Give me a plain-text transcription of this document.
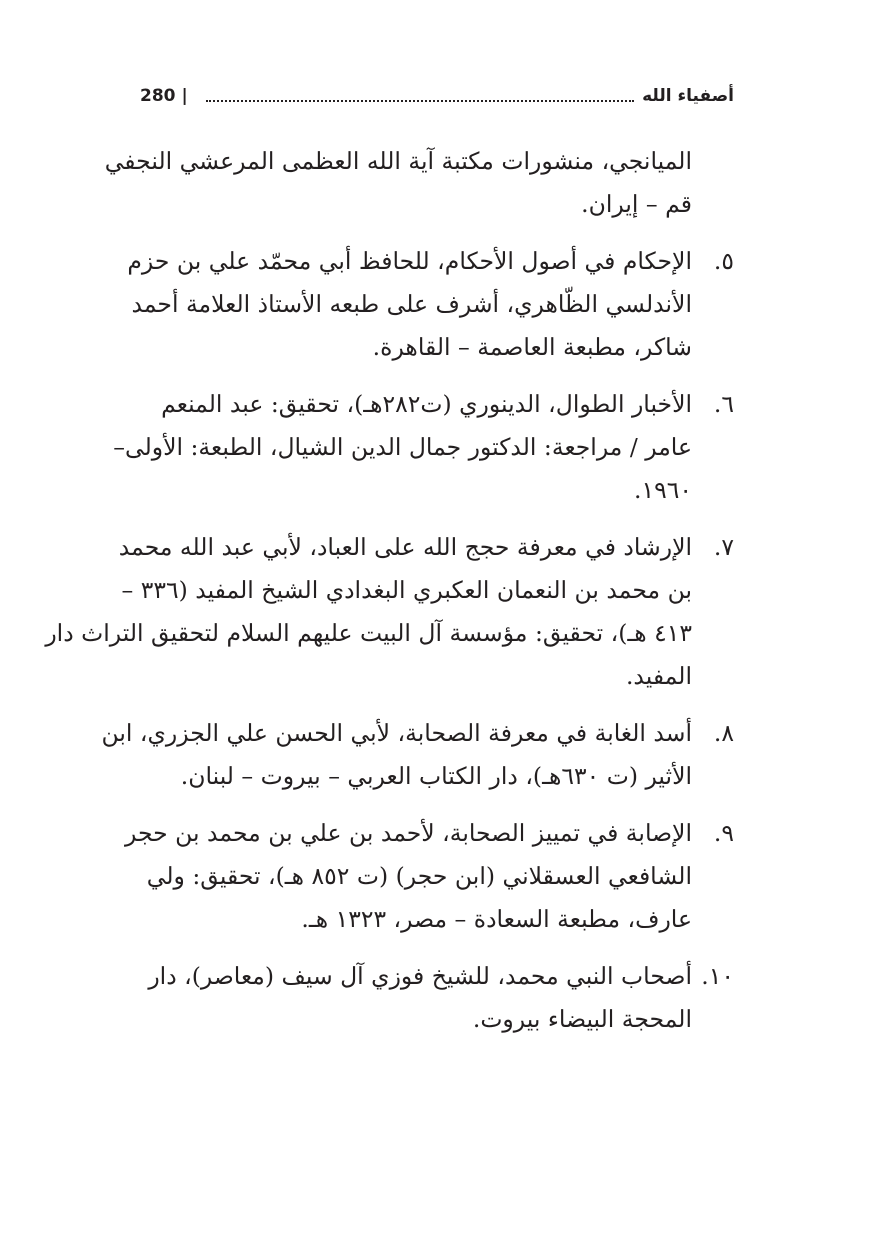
280 |	أصفياء الله
الميانجي، منشورات مكتبة آية الله العظمى المرعشي النجفي
قم – إيران.
٥.
الإحكام في أصول الأحكام، للحافظ أبي محمّد علي بن حزم
الأندلسي الظّاهري، أشرف على طبعه الأستاذ العلامة أحمد
شاكر، مطبعة العاصمة – القاهرة.
٦.
الأخبار الطوال، الدينوري (ت٢٨٢هـ)، تحقيق: عبد المنعم
عامر / مراجعة: الدكتور جمال الدين الشيال، الطبعة: الأولى–
١٩٦٠.
٧.
الإرشاد في معرفة حجج الله على العباد، لأبي عبد الله محمد
بن محمد بن النعمان العكبري البغدادي الشيخ المفيد (٣٣٦ –
٤١٣ هـ)، تحقيق: مؤسسة آل البيت عليهم السلام لتحقيق التراث دار
المفيد.
٨.
أسد الغابة في معرفة الصحابة، لأبي الحسن علي الجزري، ابن
الأثير (ت ٦٣٠هـ)، دار الكتاب العربي – بيروت – لبنان.
٩.
الإصابة في تمييز الصحابة، لأحمد بن علي بن محمد بن حجر
الشافعي العسقلاني (ابن حجر) (ت ٨٥٢ هـ)، تحقيق: ولي
عارف، مطبعة السعادة – مصر، ١٣٢٣ هـ.
١٠.
أصحاب النبي محمد، للشيخ فوزي آل سيف (معاصر)، دار
المحجة البيضاء بيروت.
